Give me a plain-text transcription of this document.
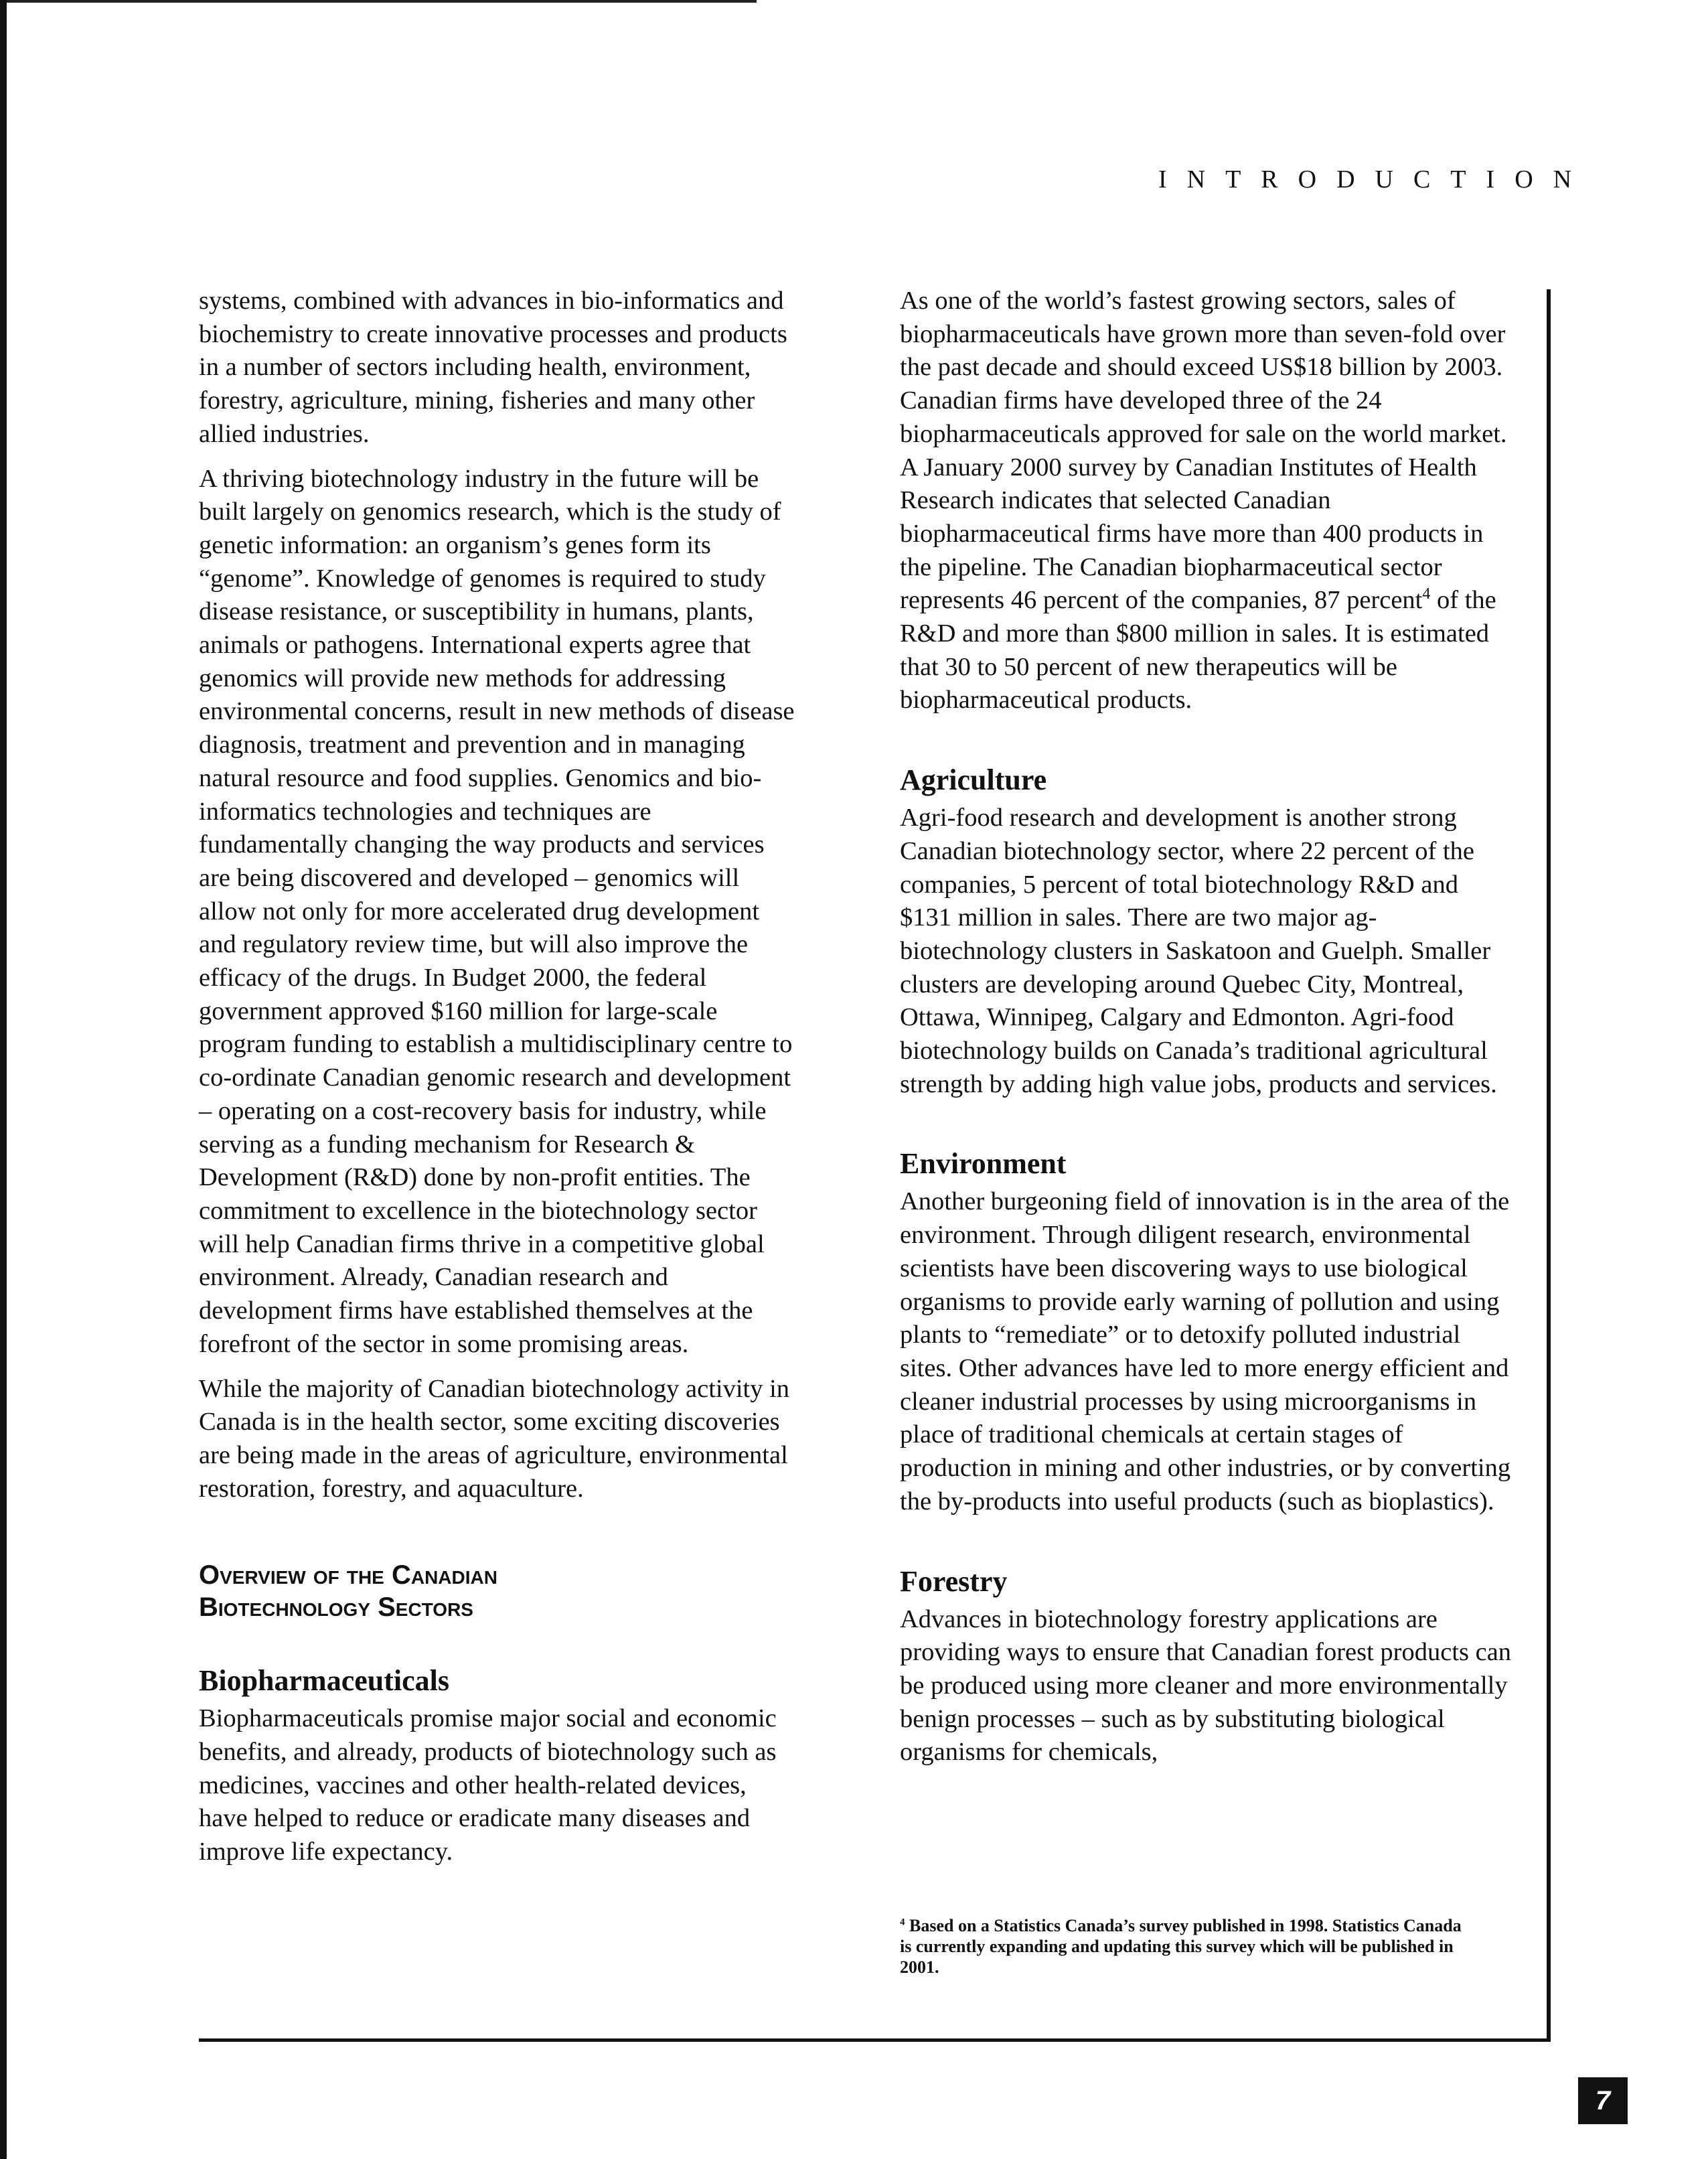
INTRODUCTION

systems, combined with advances in bio-informatics and biochemistry to create innovative processes and products in a number of sectors including health, environment, forestry, agriculture, mining, fisheries and many other allied industries.

A thriving biotechnology industry in the future will be built largely on genomics research, which is the study of genetic information: an organism’s genes form its “genome”. Knowledge of genomes is required to study disease resistance, or susceptibility in humans, plants, animals or pathogens. International experts agree that genomics will provide new methods for addressing environmental concerns, result in new methods of disease diagnosis, treatment and prevention and in managing natural resource and food supplies. Genomics and bio-informatics technologies and techniques are fundamentally changing the way products and services are being discovered and developed – genomics will allow not only for more accelerated drug development and regulatory review time, but will also improve the efficacy of the drugs. In Budget 2000, the federal government approved $160 million for large-scale program funding to establish a multidisciplinary centre to co-ordinate Canadian genomic research and development – operating on a cost-recovery basis for industry, while serving as a funding mechanism for Research & Development (R&D) done by non-profit entities. The commitment to excellence in the biotechnology sector will help Canadian firms thrive in a competitive global environment. Already, Canadian research and development firms have established themselves at the forefront of the sector in some promising areas.

While the majority of Canadian biotechnology activity in Canada is in the health sector, some exciting discoveries are being made in the areas of agriculture, environmental restoration, forestry, and aquaculture.

Overview of the Canadian
Biotechnology Sectors
Biopharmaceuticals

Biopharmaceuticals promise major social and economic benefits, and already, products of biotechnology such as medicines, vaccines and other health-related devices, have helped to reduce or eradicate many diseases and improve life expectancy.

As one of the world’s fastest growing sectors, sales of biopharmaceuticals have grown more than seven-fold over the past decade and should exceed US$18 billion by 2003. Canadian firms have developed three of the 24 biopharmaceuticals approved for sale on the world market. A January 2000 survey by Canadian Institutes of Health Research indicates that selected Canadian biopharmaceutical firms have more than 400 products in the pipeline. The Canadian biopharmaceutical sector represents 46 percent of the companies, 87 percent$^4$ of the R&D and more than $800 million in sales. It is estimated that 30 to 50 percent of new therapeutics will be biopharmaceutical products.

Agriculture

Agri-food research and development is another strong Canadian biotechnology sector, where 22 percent of the companies, 5 percent of total biotechnology R&D and $131 million in sales. There are two major ag-biotechnology clusters in Saskatoon and Guelph. Smaller clusters are developing around Quebec City, Montreal, Ottawa, Winnipeg, Calgary and Edmonton. Agri-food biotechnology builds on Canada’s traditional agricultural strength by adding high value jobs, products and services.

Environment

Another burgeoning field of innovation is in the area of the environment. Through diligent research, environmental scientists have been discovering ways to use biological organisms to provide early warning of pollution and using plants to “remediate” or to detoxify polluted industrial sites. Other advances have led to more energy efficient and cleaner industrial processes by using microorganisms in place of traditional chemicals at certain stages of production in mining and other industries, or by converting the by-products into useful products (such as bioplastics).

Forestry

Advances in biotechnology forestry applications are providing ways to ensure that Canadian forest products can be produced using more cleaner and more environmentally benign processes – such as by substituting biological organisms for chemicals,

$^4$ Based on a Statistics Canada’s survey published in 1998. Statistics Canada is currently expanding and updating this survey which will be published in 2001.
7
